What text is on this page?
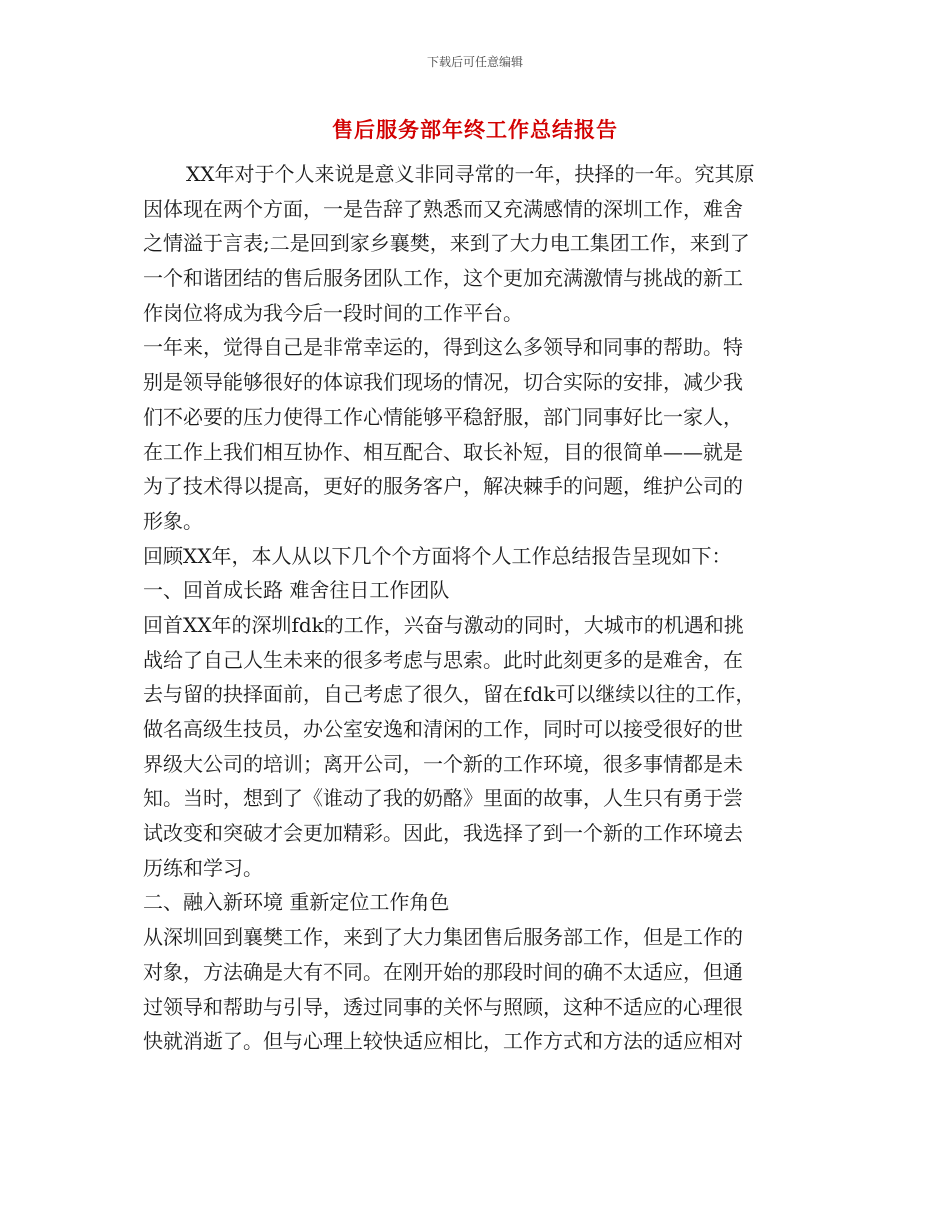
下载后可任意编辑
售后服务部年终工作总结报告
XX年对于个人来说是意义非同寻常的一年，抉择的一年。究其原
因体现在两个方面，一是告辞了熟悉而又充满感情的深圳工作，难舍
之情溢于言表;二是回到家乡襄樊，来到了大力电工集团工作，来到了
一个和谐团结的售后服务团队工作，这个更加充满激情与挑战的新工
作岗位将成为我今后一段时间的工作平台。
一年来，觉得自己是非常幸运的，得到这么多领导和同事的帮助。特
别是领导能够很好的体谅我们现场的情况，切合实际的安排，减少我
们不必要的压力使得工作心情能够平稳舒服，部门同事好比一家人，
在工作上我们相互协作、相互配合、取长补短，目的很简单——就是
为了技术得以提高，更好的服务客户，解决棘手的问题，维护公司的
形象。
回顾XX年，本人从以下几个个方面将个人工作总结报告呈现如下：
一、回首成长路 难舍往日工作团队
回首XX年的深圳fdk的工作，兴奋与激动的同时，大城市的机遇和挑
战给了自己人生未来的很多考虑与思索。此时此刻更多的是难舍，在
去与留的抉择面前，自己考虑了很久，留在fdk可以继续以往的工作，
做名高级生技员，办公室安逸和清闲的工作，同时可以接受很好的世
界级大公司的培训；离开公司，一个新的工作环境，很多事情都是未
知。当时，想到了《谁动了我的奶酪》里面的故事，人生只有勇于尝
试改变和突破才会更加精彩。因此，我选择了到一个新的工作环境去
历练和学习。
二、融入新环境 重新定位工作角色
从深圳回到襄樊工作，来到了大力集团售后服务部工作，但是工作的
对象，方法确是大有不同。在刚开始的那段时间的确不太适应，但通
过领导和帮助与引导，透过同事的关怀与照顾，这种不适应的心理很
快就消逝了。但与心理上较快适应相比，工作方式和方法的适应相对
